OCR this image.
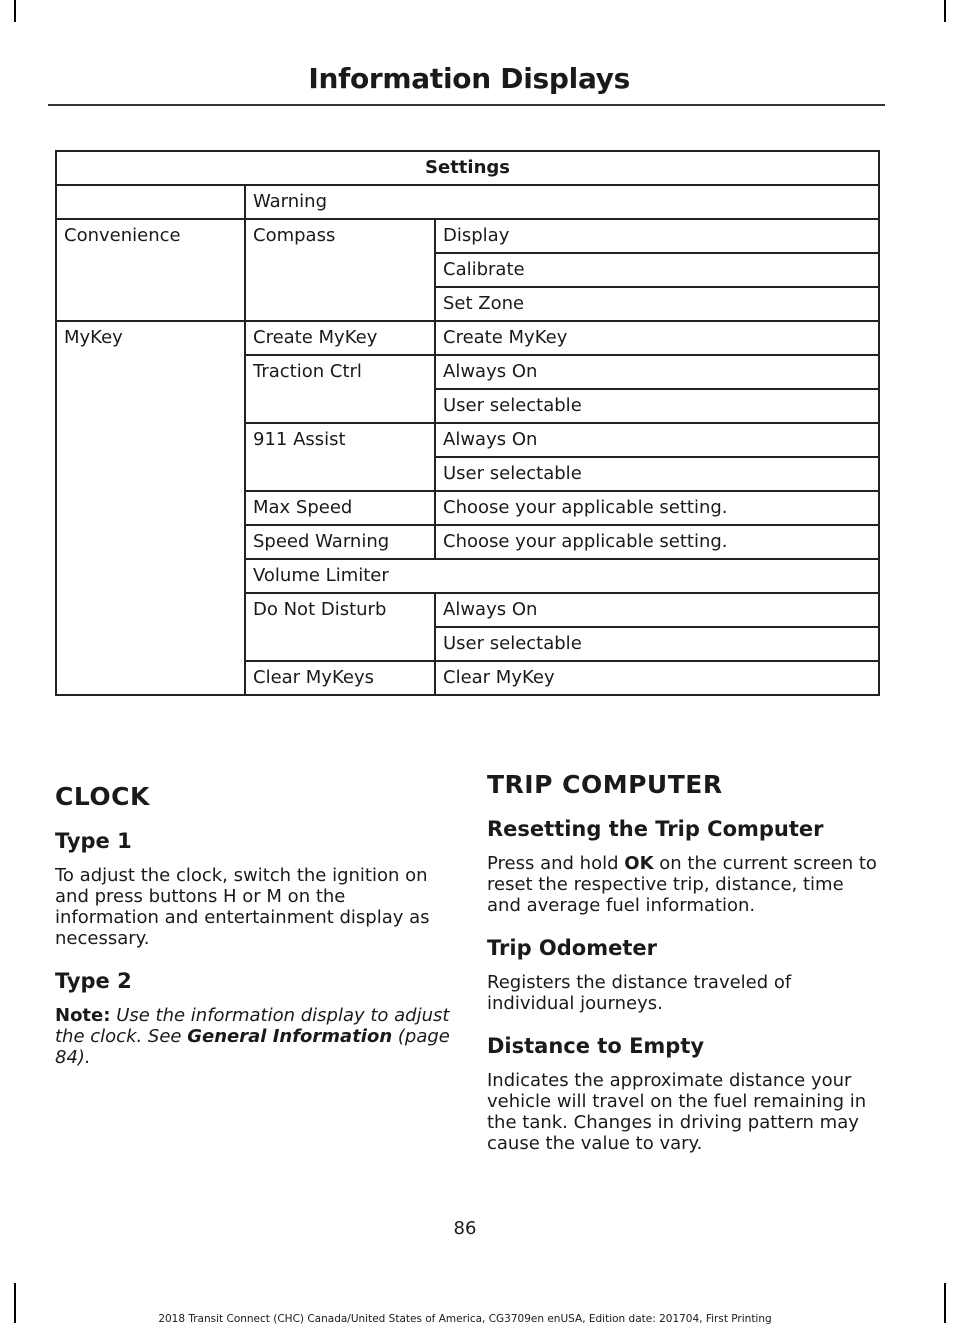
Information Displays
Settings		
	Warning	
Convenience	Compass	Display
		Calibrate
		Set Zone
MyKey	Create MyKey	Create MyKey
	Traction Ctrl	Always On
		User selectable
	911 Assist	Always On
		User selectable
	Max Speed	Choose your applicable setting.
	Speed Warning	Choose your applicable setting.
	Volume Limiter	
	Do Not Disturb	Always On
		User selectable
	Clear MyKeys	Clear MyKey
CLOCK
Type 1

To adjust the clock, switch the ignition on and press buttons H or M on the information and entertainment display as necessary.

Type 2

Note: Use the information display to adjust the clock. See General Information (page 84).

TRIP COMPUTER
Resetting the Trip Computer

Press and hold OK on the current screen to reset the respective trip, distance, time and average fuel information.

Trip Odometer

Registers the distance traveled of individual journeys.

Distance to Empty

Indicates the approximate distance your vehicle will travel on the fuel remaining in the tank. Changes in driving pattern may cause the value to vary.

86
2018 Transit Connect (CHC) Canada/United States of America, CG3709en enUSA, Edition date: 201704, First Printing
